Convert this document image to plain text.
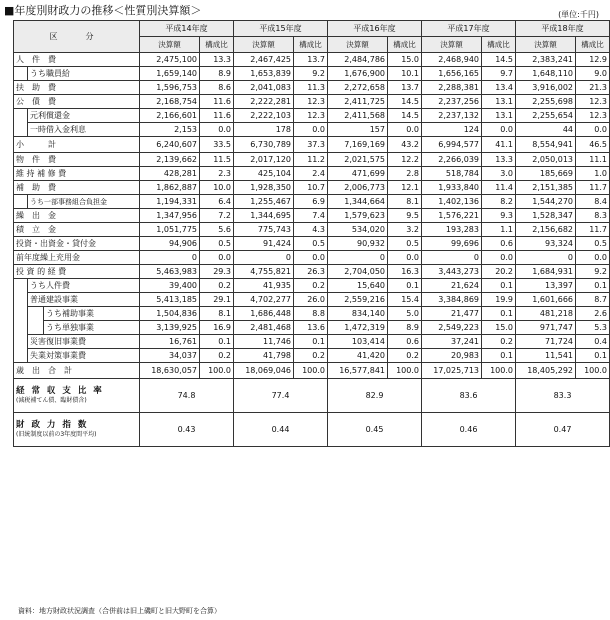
■年度別財政力の推移＜性質別決算額＞	(単位:千円)
区　分			平成14年度		平成15年度		平成16年度		平成17年度		平成18年度	
			決算額	構成比	決算額	構成比	決算額	構成比	決算額	構成比	決算額	構成比
人　件　費			2,475,100	13.3	2,467,425	13.7	2,484,786	15.0	2,468,940	14.5	2,383,241	12.9
	うち職員給		1,659,140	8.9	1,653,839	9.2	1,676,900	10.1	1,656,165	9.7	1,648,110	9.0
扶　助　費			1,596,753	8.6	2,041,083	11.3	2,272,658	13.7	2,288,381	13.4	3,916,002	21.3
公　債　費			2,168,754	11.6	2,222,281	12.3	2,411,725	14.5	2,237,256	13.1	2,255,698	12.3
	元利償還金		2,166,601	11.6	2,222,103	12.3	2,411,568	14.5	2,237,132	13.1	2,255,654	12.3
	一時借入金利息		2,153	0.0	178	0.0	157	0.0	124	0.0	44	0.0
小　　　計			6,240,607	33.5	6,730,789	37.3	7,169,169	43.2	6,994,577	41.1	8,554,941	46.5
物　件　費			2,139,662	11.5	2,017,120	11.2	2,021,575	12.2	2,266,039	13.3	2,050,013	11.1
維 持 補 修 費			428,281	2.3	425,104	2.4	471,699	2.8	518,784	3.0	185,669	1.0
補　助　費			1,862,887	10.0	1,928,350	10.7	2,006,773	12.1	1,933,840	11.4	2,151,385	11.7
	うち一部事務組合負担金		1,194,331	6.4	1,255,467	6.9	1,344,664	8.1	1,402,136	8.2	1,544,270	8.4
繰　出　金			1,347,956	7.2	1,344,695	7.4	1,579,623	9.5	1,576,221	9.3	1,528,347	8.3
積　立　金			1,051,775	5.6	775,743	4.3	534,020	3.2	193,283	1.1	2,156,682	11.7
投資・出資金・貸付金			94,906	0.5	91,424	0.5	90,932	0.5	99,696	0.6	93,324	0.5
前年度繰上充用金			0	0.0	0	0.0	0	0.0	0	0.0	0	0.0
投 資 的 経 費			5,463,983	29.3	4,755,821	26.3	2,704,050	16.3	3,443,273	20.2	1,684,931	9.2
	うち人件費		39,400	0.2	41,935	0.2	15,640	0.1	21,624	0.1	13,397	0.1
	普通建設事業		5,413,185	29.1	4,702,277	26.0	2,559,216	15.4	3,384,869	19.9	1,601,666	8.7
		うち補助事業	1,504,836	8.1	1,686,448	8.8	834,140	5.0	21,477	0.1	481,218	2.6
		うち単独事業	3,139,925	16.9	2,481,468	13.6	1,472,319	8.9	2,549,223	15.0	971,747	5.3
	災害復旧事業費		16,761	0.1	11,746	0.1	103,414	0.6	37,241	0.2	71,724	0.4
	失業対策事業費		34,037	0.2	41,798	0.2	41,420	0.2	20,983	0.1	11,541	0.1
歳　出　合　計			18,630,057	100.0	18,069,046	100.0	16,577,841	100.0	17,025,713	100.0	18,405,292	100.0
経 常 収 支 比 率
(減税補てん債、臨財債含)			74.8		77.4		82.9		83.6		83.3	
財 政 力 指 数
(旧統制度以前の3年度間平均)			0.43		0.44		0.45		0.46		0.47	
資料：地方財政状況調査（合併前は旧上磯町と旧大野町を合算）
